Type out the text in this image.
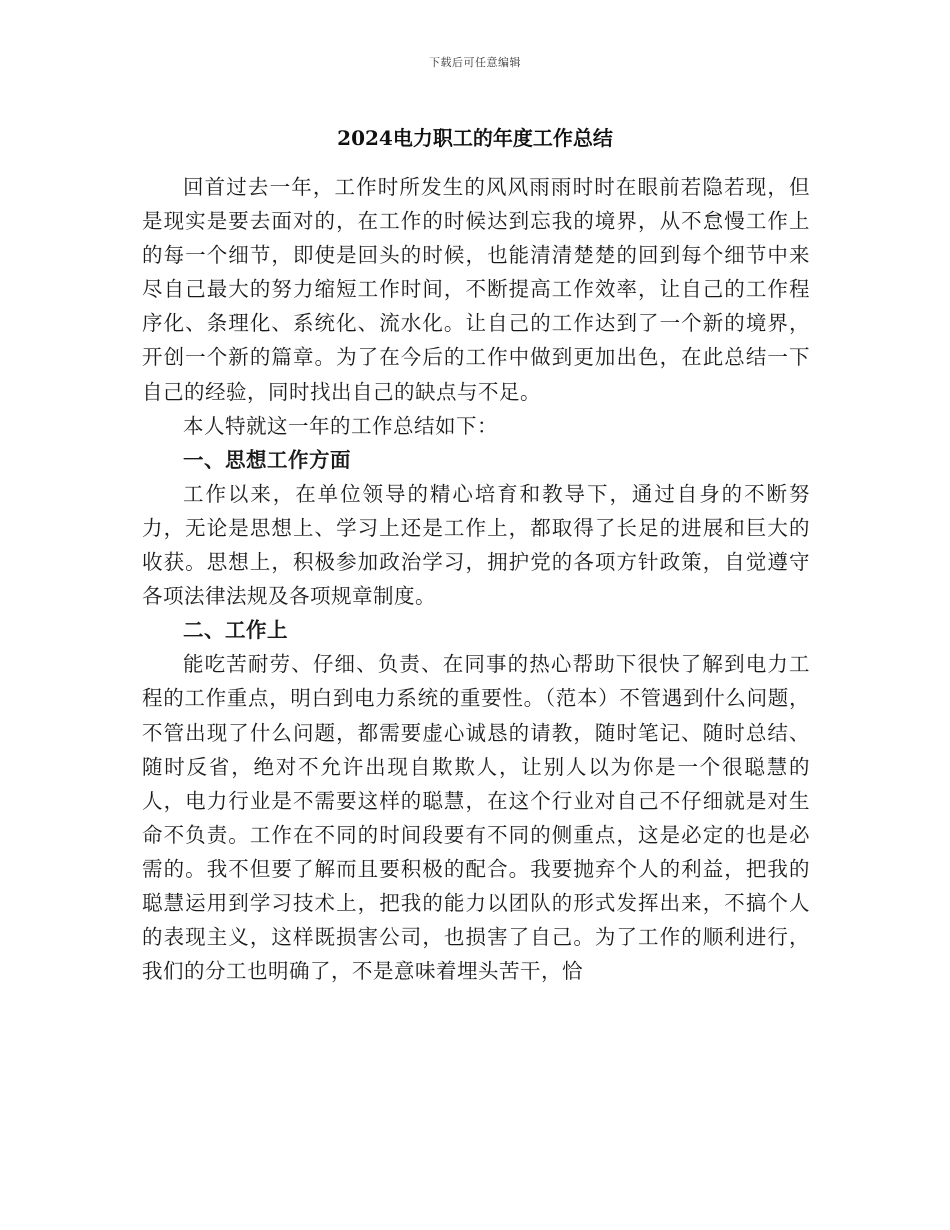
下载后可任意编辑
2024电力职工的年度工作总结

回首过去一年，工作时所发生的风风雨雨时时在眼前若隐若现，但是现实是要去面对的，在工作的时候达到忘我的境界，从不怠慢工作上的每一个细节，即使是回头的时候，也能清清楚楚的回到每个细节中来尽自己最大的努力缩短工作时间，不断提高工作效率，让自己的工作程序化、条理化、系统化、流水化。让自己的工作达到了一个新的境界，开创一个新的篇章。为了在今后的工作中做到更加出色，在此总结一下自己的经验，同时找出自己的缺点与不足。

本人特就这一年的工作总结如下：

一、思想工作方面

工作以来，在单位领导的精心培育和教导下，通过自身的不断努力，无论是思想上、学习上还是工作上，都取得了长足的进展和巨大的收获。思想上，积极参加政治学习，拥护党的各项方针政策，自觉遵守各项法律法规及各项规章制度。

二、工作上

能吃苦耐劳、仔细、负责、在同事的热心帮助下很快了解到电力工程的工作重点，明白到电力系统的重要性。（范本）不管遇到什么问题，不管出现了什么问题，都需要虚心诚恳的请教，随时笔记、随时总结、随时反省，绝对不允许出现自欺欺人，让别人以为你是一个很聪慧的人，电力行业是不需要这样的聪慧，在这个行业对自己不仔细就是对生命不负责。工作在不同的时间段要有不同的侧重点，这是必定的也是必需的。我不但要了解而且要积极的配合。我要抛弃个人的利益，把我的聪慧运用到学习技术上，把我的能力以团队的形式发挥出来，不搞个人的表现主义，这样既损害公司，也损害了自己。为了工作的顺利进行，我们的分工也明确了，不是意味着埋头苦干，恰
